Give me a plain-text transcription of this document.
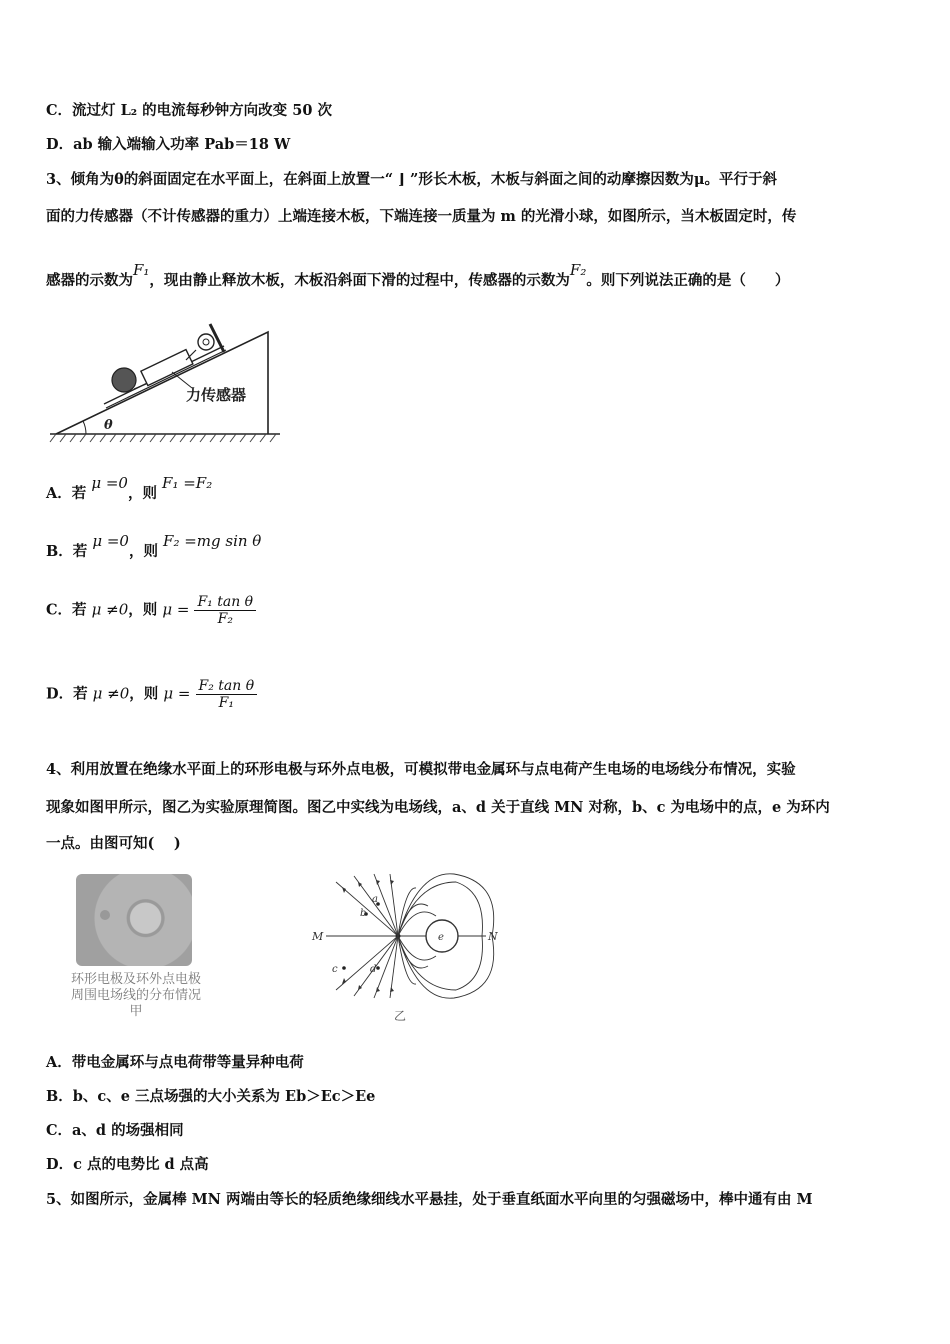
C．流过灯 L₂ 的电流每秒钟方向改变 50 次
D．ab 输入端输入功率 Pab＝18 W
3、倾角为θ的斜面固定在水平面上，在斜面上放置一“ ⌋ ”形长木板，木板与斜面之间的动摩擦因数为μ。平行于斜
面的力传感器（不计传感器的重力）上端连接木板，下端连接一质量为 m 的光滑小球，如图所示，当木板固定时，传
感器的示数为F₁，现由静止释放木板，木板沿斜面下滑的过程中，传感器的示数为F₂。则下列说法正确的是（　　）
力传感器
θ
A．若 μ =0，则 F₁ =F₂
B．若 μ =0，则 F₂ =mg sin θ
C．若 μ ≠0，则 $\mu = \frac{\text{F₁ tan θ}}{\text{F₂}}$
D．若 μ ≠0，则 $\mu = \frac{\text{F₂ tan θ}}{\text{F₁}}$
4、利用放置在绝缘水平面上的环形电极与环外点电极，可模拟带电金属环与点电荷产生电场的电场线分布情况，实验
现象如图甲所示，图乙为实验原理简图。图乙中实线为电场线，a、d 关于直线 MN 对称，b、c 为电场中的点，e 为环内
一点。由图可知(　 )
环形电极及环外点电极
周围电场线的分布情况
甲
M	N
e
a
b
c	d
乙
A．带电金属环与点电荷带等量异种电荷
B．b、c、e 三点场强的大小关系为 Eb＞Ec＞Ee
C．a、d 的场强相同
D．c 点的电势比 d 点高
5、如图所示，金属棒 MN 两端由等长的轻质绝缘细线水平悬挂，处于垂直纸面水平向里的匀强磁场中，棒中通有由 M
